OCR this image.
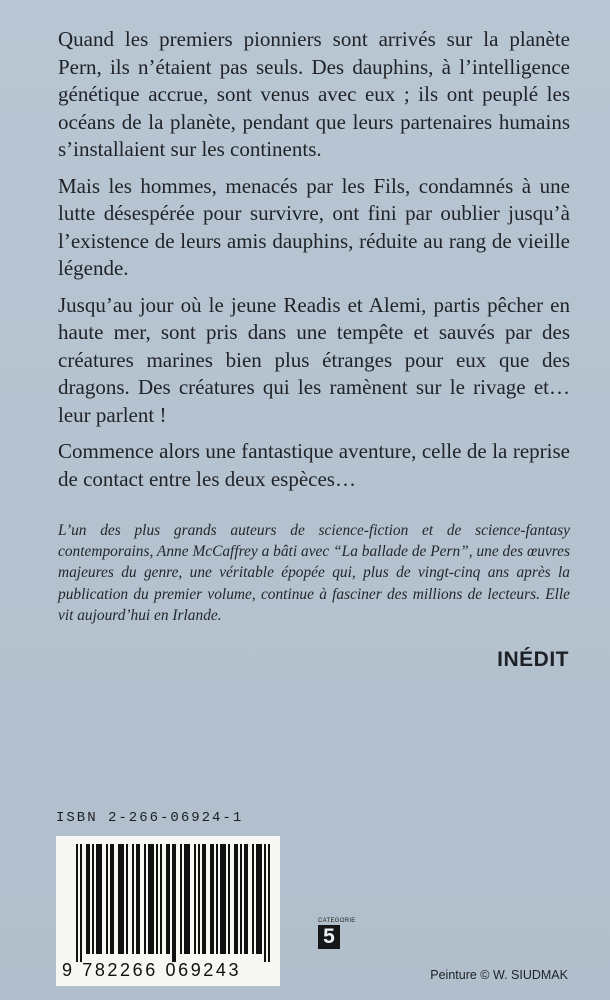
Quand les premiers pionniers sont arrivés sur la planète Pern, ils n’étaient pas seuls. Des dauphins, à l’intelligence génétique accrue, sont venus avec eux ; ils ont peuplé les océans de la planète, pendant que leurs partenaires humains s’installaient sur les continents.

Mais les hommes, menacés par les Fils, condamnés à une lutte désespérée pour survivre, ont fini par oublier jusqu’à l’existence de leurs amis dauphins, réduite au rang de vieille légende.

Jusqu’au jour où le jeune Readis et Alemi, partis pêcher en haute mer, sont pris dans une tempête et sauvés par des créatures marines bien plus étranges pour eux que des dragons. Des créatures qui les ramènent sur le rivage et… leur parlent !

Commence alors une fantastique aventure, celle de la reprise de contact entre les deux espèces…

L’un des plus grands auteurs de science-fiction et de science-fantasy contemporains, Anne McCaffrey a bâti avec “La ballade de Pern”, une des œuvres majeures du genre, une véritable épopée qui, plus de vingt-cinq ans après la publication du premier volume, continue à fasciner des millions de lecteurs. Elle vit aujourd’hui en Irlande.
INÉDIT
ISBN 2-266-06924-1
9 782266 069243
CATEGORIE
5
Peinture © W. SIUDMAK
